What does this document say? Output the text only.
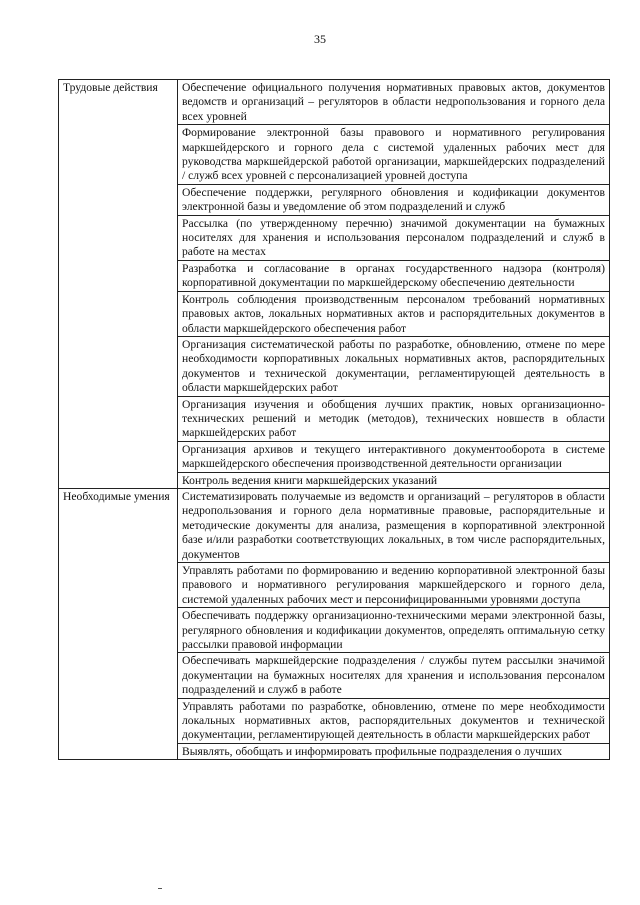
35
Трудовые действия	Обеспечение официального получения нормативных правовых актов, документов ведомств и организаций – регуляторов в области недропользования и горного дела всех уровней
	Формирование электронной базы правового и нормативного регулирования маркшейдерского и горного дела с системой удаленных рабочих мест для руководства маркшейдерской работой организации, маркшейдерских подразделений / служб всех уровней с персонализацией уровней доступа
	Обеспечение поддержки, регулярного обновления и кодификации документов электронной базы и уведомление об этом подразделений и служб
	Рассылка (по утвержденному перечню) значимой документации на бумажных носителях для хранения и использования персоналом подразделений и служб в работе на местах
	Разработка и согласование в органах государственного надзора (контроля) корпоративной документации по маркшейдерскому обеспечению деятельности
	Контроль соблюдения производственным персоналом требований нормативных правовых актов, локальных нормативных актов и распорядительных документов в области маркшейдерского обеспечения работ
	Организация систематической работы по разработке, обновлению, отмене по мере необходимости корпоративных локальных нормативных актов, распорядительных документов и технической документации, регламентирующей деятельность в области маркшейдерских работ
	Организация изучения и обобщения лучших практик, новых организационно-технических решений и методик (методов), технических новшеств в области маркшейдерских работ
	Организация архивов и текущего интерактивного документооборота в системе маркшейдерского обеспечения производственной деятельности организации
	Контроль ведения книги маркшейдерских указаний
Необходимые умения	Систематизировать получаемые из ведомств и организаций – регуляторов в области недропользования и горного дела нормативные правовые, распорядительные и методические документы для анализа, размещения в корпоративной электронной базе и/или разработки соответствующих локальных, в том числе распорядительных, документов
	Управлять работами по формированию и ведению корпоративной электронной базы правового и нормативного регулирования маркшейдерского и горного дела, системой удаленных рабочих мест и персонифицированными уровнями доступа
	Обеспечивать поддержку организационно-техническими мерами электронной базы, регулярного обновления и кодификации документов, определять оптимальную сетку рассылки правовой информации
	Обеспечивать маркшейдерские подразделения / службы путем рассылки значимой документации на бумажных носителях для хранения и использования персоналом подразделений и служб в работе
	Управлять работами по разработке, обновлению, отмене по мере необходимости локальных нормативных актов, распорядительных документов и технической документации, регламентирующей деятельность в области маркшейдерских работ
	Выявлять, обобщать и информировать профильные подразделения о лучших
